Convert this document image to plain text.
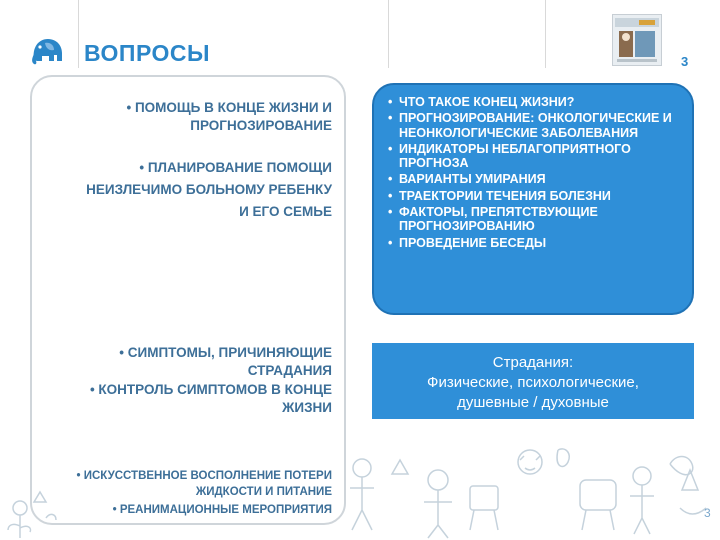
ВОПРОСЫ	3

• ПОМОЩЬ В КОНЦЕ ЖИЗНИ И

ПРОГНОЗИРОВАНИЕ

• ПЛАНИРОВАНИЕ ПОМОЩИ

НЕИЗЛЕЧИМО БОЛЬНОМУ РЕБЕНКУ

И ЕГО СЕМЬЕ

• СИМПТОМЫ, ПРИЧИНЯЮЩИЕ

СТРАДАНИЯ

• КОНТРОЛЬ СИМПТОМОВ В КОНЦЕ

ЖИЗНИ

• ИСКУССТВЕННОЕ ВОСПОЛНЕНИЕ ПОТЕРИ

ЖИДКОСТИ И ПИТАНИЕ

• РЕАНИМАЦИОННЫЕ МЕРОПРИЯТИЯ

• ЧТО ТАКОЕ КОНЕЦ ЖИЗНИ?
• ПРОГНОЗИРОВАНИЕ: ОНКОЛОГИЧЕСКИЕ И НЕОНКОЛОГИЧЕСКИЕ ЗАБОЛЕВАНИЯ
• ИНДИКАТОРЫ НЕБЛАГОПРИЯТНОГО ПРОГНОЗА
• ВАРИАНТЫ УМИРАНИЯ
• ТРАЕКТОРИИ ТЕЧЕНИЯ БОЛЕЗНИ
• ФАКТОРЫ, ПРЕПЯТСТВУЮЩИЕ ПРОГНОЗИРОВАНИЮ
• ПРОВЕДЕНИЕ БЕСЕДЫ
Страдания:
Физические, психологические,
душевные / духовные
3
